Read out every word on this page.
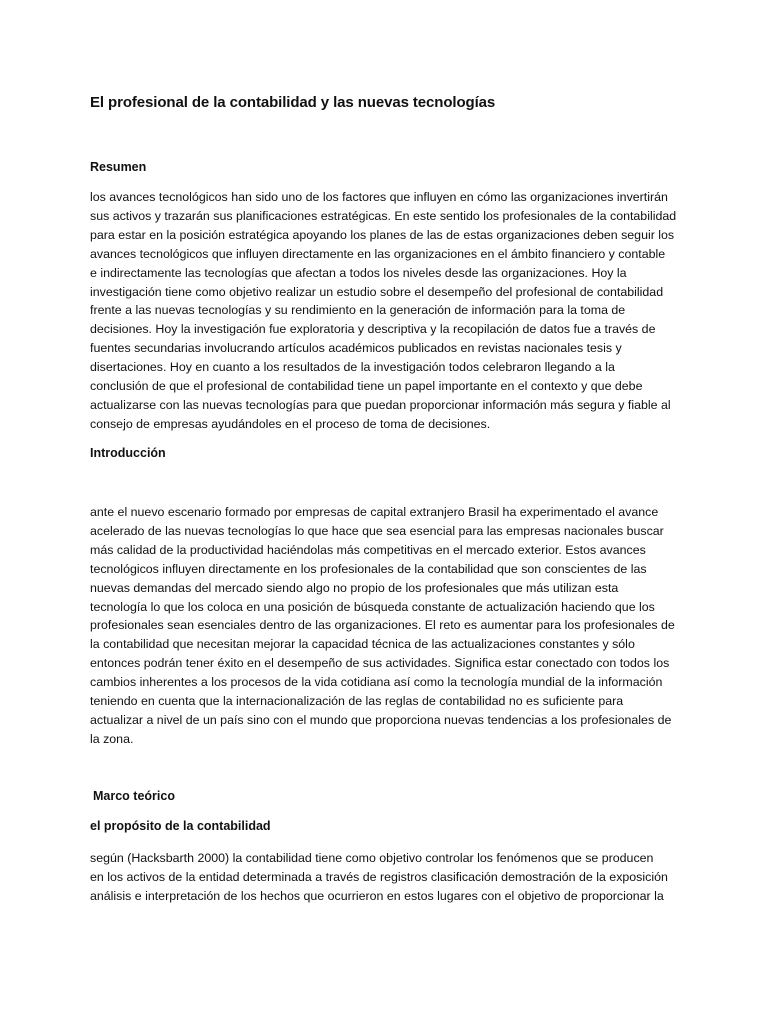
El profesional de la contabilidad y las nuevas tecnologías
Resumen
los avances tecnológicos han sido uno de los factores que influyen en cómo las organizaciones invertirán
sus activos y trazarán sus planificaciones estratégicas. En este sentido los profesionales de la contabilidad
para estar en la posición estratégica apoyando los planes de las de estas organizaciones deben seguir los
avances tecnológicos que influyen directamente en las organizaciones en el ámbito financiero y contable
e indirectamente las tecnologías que afectan a todos los niveles desde las organizaciones. Hoy la
investigación tiene como objetivo realizar un estudio sobre el desempeño del profesional de contabilidad
frente a las nuevas tecnologías y su rendimiento en la generación de información para la toma de
decisiones. Hoy la investigación fue exploratoria y descriptiva y la recopilación de datos fue a través de
fuentes secundarias involucrando artículos académicos publicados en revistas nacionales tesis y
disertaciones. Hoy en cuanto a los resultados de la investigación todos celebraron llegando a la
conclusión de que el profesional de contabilidad tiene un papel importante en el contexto y que debe
actualizarse con las nuevas tecnologías para que puedan proporcionar información más segura y fiable al
consejo de empresas ayudándoles en el proceso de toma de decisiones.
Introducción
ante el nuevo escenario formado por empresas de capital extranjero Brasil ha experimentado el avance
acelerado de las nuevas tecnologías lo que hace que sea esencial para las empresas nacionales buscar
más calidad de la productividad haciéndolas más competitivas en el mercado exterior. Estos avances
tecnológicos influyen directamente en los profesionales de la contabilidad que son conscientes de las
nuevas demandas del mercado siendo algo no propio de los profesionales que más utilizan esta
tecnología lo que los coloca en una posición de búsqueda constante de actualización haciendo que los
profesionales sean esenciales dentro de las organizaciones. El reto es aumentar para los profesionales de
la contabilidad que necesitan mejorar la capacidad técnica de las actualizaciones constantes y sólo
entonces podrán tener éxito en el desempeño de sus actividades. Significa estar conectado con todos los
cambios inherentes a los procesos de la vida cotidiana así como la tecnología mundial de la información
teniendo en cuenta que la internacionalización de las reglas de contabilidad no es suficiente para
actualizar a nivel de un país sino con el mundo que proporciona nuevas tendencias a los profesionales de
la zona.
Marco teórico
el propósito de la contabilidad
según (Hacksbarth 2000) la contabilidad tiene como objetivo controlar los fenómenos que se producen
en los activos de la entidad determinada a través de registros clasificación demostración de la exposición
análisis e interpretación de los hechos que ocurrieron en estos lugares con el objetivo de proporcionar la
